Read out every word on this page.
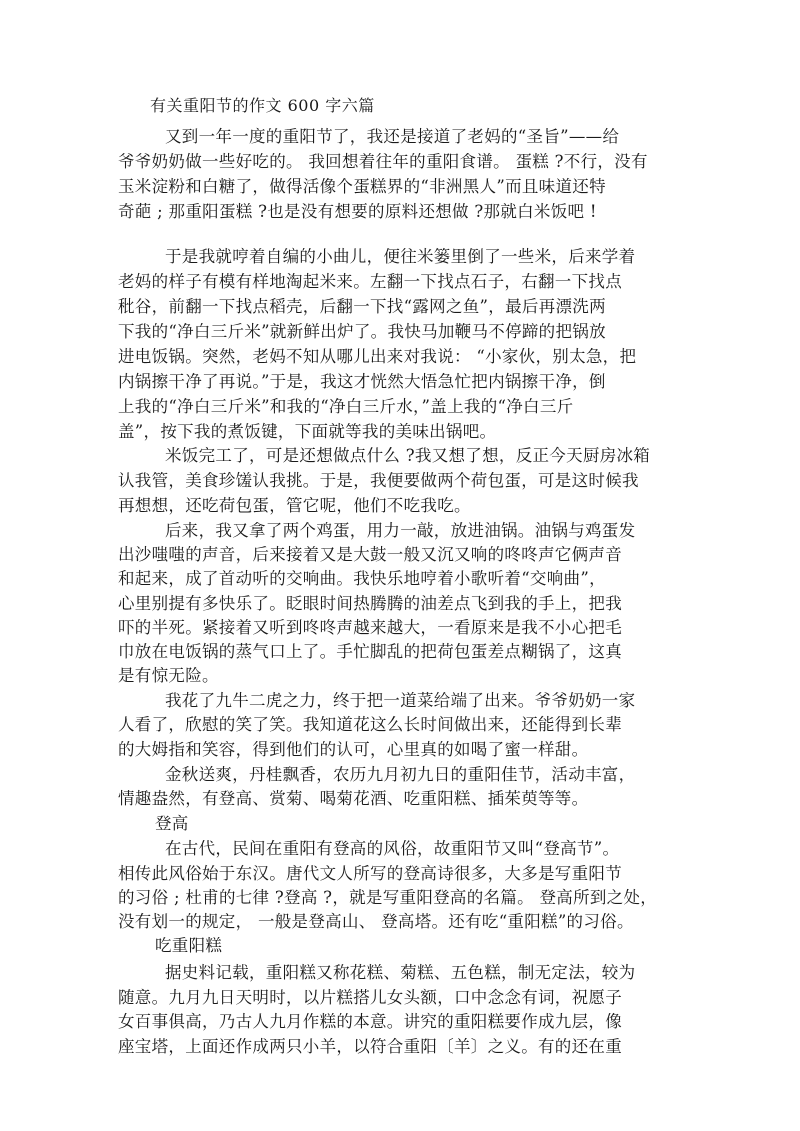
有关重阳节的作文 600 字六篇
又到一年一度的重阳节了，我还是接道了老妈的“圣旨”——给
爷爷奶奶做一些好吃的。 我回想着往年的重阳食谱。 蛋糕 ?不行，没有
玉米淀粉和白糖了，做得活像个蛋糕界的“非洲黑人”而且味道还特
奇葩 ; 那重阳蛋糕 ?也是没有想要的原料还想做 ?那就白米饭吧 !
于是我就哼着自编的小曲儿，便往米篓里倒了一些米，后来学着
老妈的样子有模有样地淘起米来。左翻一下找点石子，右翻一下找点
秕谷，前翻一下找点稻壳，后翻一下找“露网之鱼”，最后再漂洗两
下我的“净白三斤米”就新鲜出炉了。我快马加鞭马不停蹄的把锅放
进电饭锅。突然，老妈不知从哪儿出来对我说： “小家伙，别太急，把
内锅擦干净了再说。”于是，我这才恍然大悟急忙把内锅擦干净，倒
上我的“净白三斤米”和我的“净白三斤水，”盖上我的“净白三斤
盖”，按下我的煮饭键，下面就等我的美味出锅吧。
米饭完工了，可是还想做点什么 ?我又想了想，反正今天厨房冰箱
认我管，美食珍馐认我挑。于是，我便要做两个荷包蛋，可是这时候我
再想想，还吃荷包蛋，管它呢，他们不吃我吃。
后来，我又拿了两个鸡蛋，用力一敲，放进油锅。油锅与鸡蛋发
出沙嗤嗤的声音，后来接着又是大鼓一般又沉又响的咚咚声它俩声音
和起来，成了首动听的交响曲。我快乐地哼着小歌听着“交响曲”，
心里别提有多快乐了。眨眼时间热腾腾的油差点飞到我的手上，把我
吓的半死。紧接着又听到咚咚声越来越大，一看原来是我不小心把毛
巾放在电饭锅的蒸气口上了。手忙脚乱的把荷包蛋差点糊锅了，这真
是有惊无险。
我花了九牛二虎之力，终于把一道菜给端了出来。爷爷奶奶一家
人看了，欣慰的笑了笑。我知道花这么长时间做出来，还能得到长辈
的大姆指和笑容，得到他们的认可，心里真的如喝了蜜一样甜。
金秋送爽，丹桂飘香，农历九月初九日的重阳佳节，活动丰富，
情趣盎然，有登高、赏菊、喝菊花酒、吃重阳糕、插茱萸等等。
登高
在古代，民间在重阳有登高的风俗，故重阳节又叫“登高节”。
相传此风俗始于东汉。唐代文人所写的登高诗很多，大多是写重阳节
的习俗 ; 杜甫的七律 ?登高 ?，就是写重阳登高的名篇。 登高所到之处，
没有划一的规定， 一般是登高山、 登高塔。还有吃“重阳糕”的习俗。
吃重阳糕
据史料记载，重阳糕又称花糕、菊糕、五色糕，制无定法，较为
随意。九月九日天明时，以片糕搭儿女头额，口中念念有词，祝愿子
女百事俱高，乃古人九月作糕的本意。讲究的重阳糕要作成九层，像
座宝塔，上面还作成两只小羊，以符合重阳〔羊〕之义。有的还在重
